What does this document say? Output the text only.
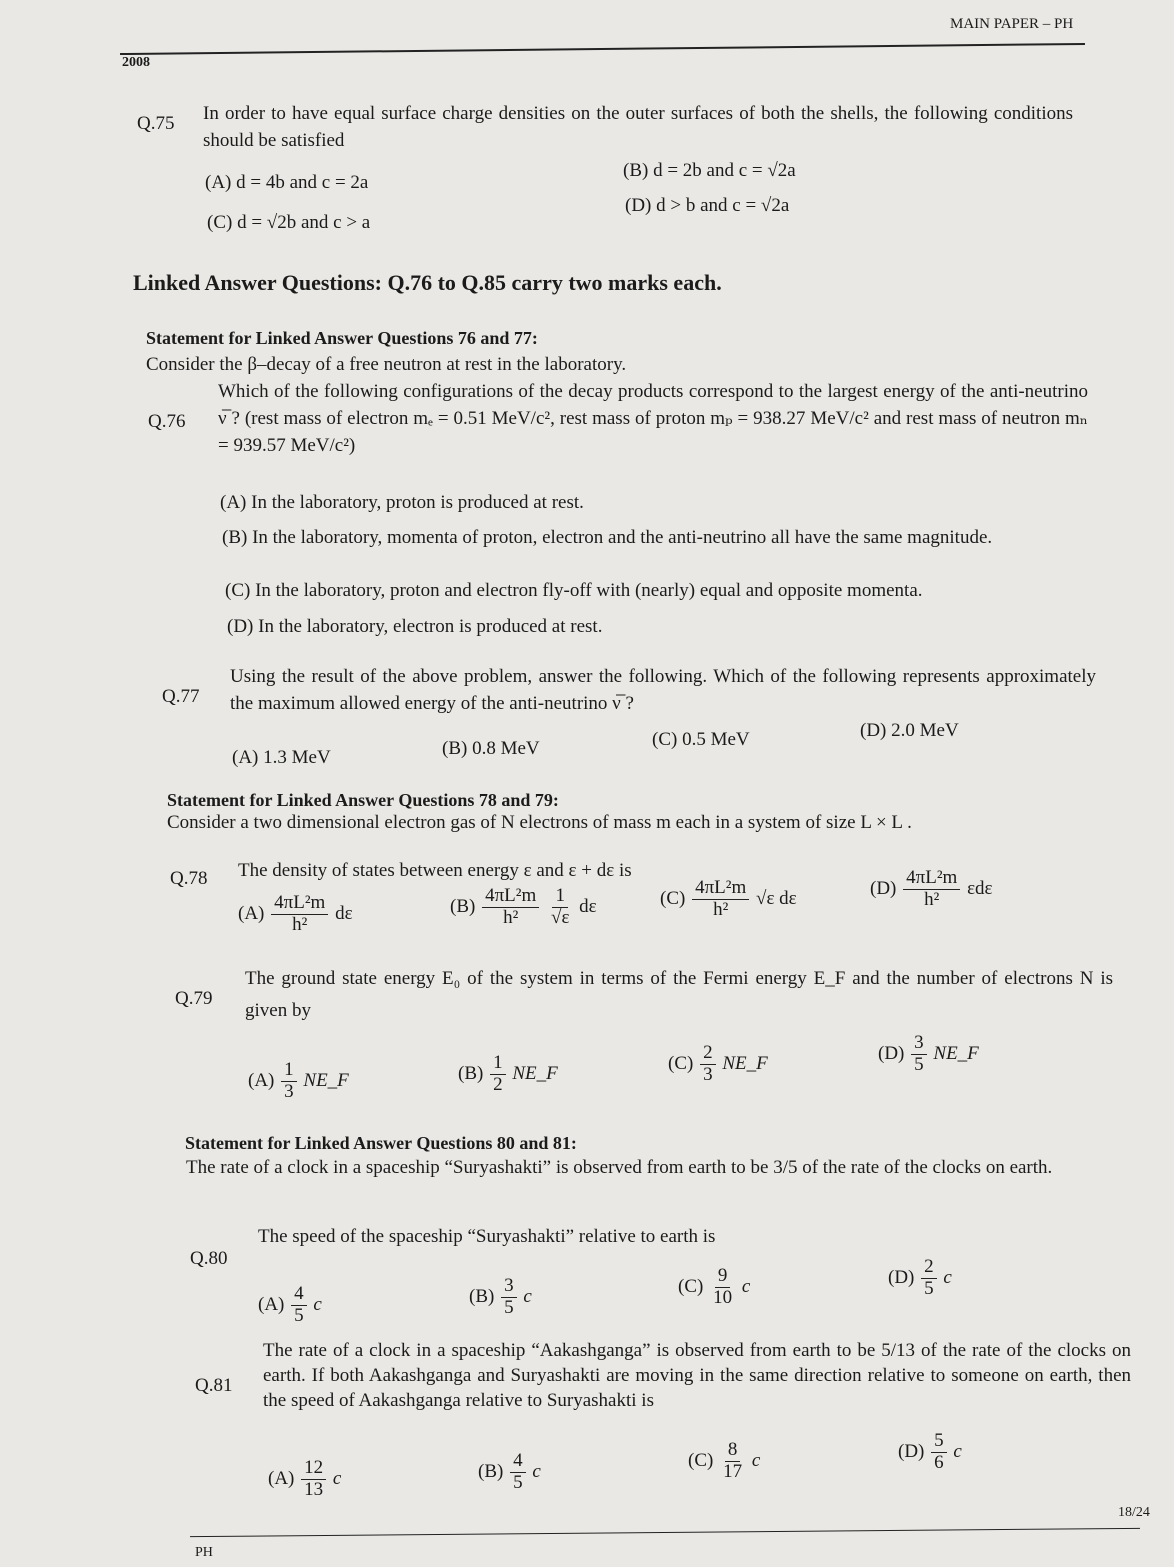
MAIN PAPER – PH
2008
Q.75 In order to have equal surface charge densities on the outer surfaces of both the shells, the following conditions should be satisfied
(A) d = 4b and c = 2a
(B) d = 2b and c = √2a
(C) d = √2b and c > a
(D) d > b and c = √2a
Linked Answer Questions: Q.76 to Q.85 carry two marks each.
Statement for Linked Answer Questions 76 and 77:
Consider the β–decay of a free neutron at rest in the laboratory.
Q.76
Which of the following configurations of the decay products correspond to the largest energy of the anti-neutrino ν̅ ? (rest mass of electron mₑ = 0.51 MeV/c², rest mass of proton mₚ = 938.27 MeV/c² and rest mass of neutron mₙ = 939.57 MeV/c²)
(A) In the laboratory, proton is produced at rest.
(B) In the laboratory, momenta of proton, electron and the anti-neutrino all have the same magnitude.
(C) In the laboratory, proton and electron fly-off with (nearly) equal and opposite momenta.
(D) In the laboratory, electron is produced at rest.
Q.77
Using the result of the above problem, answer the following. Which of the following represents approximately the maximum allowed energy of the anti-neutrino ν̅ ?
(A) 1.3 MeV	(B) 0.8 MeV	(C) 0.5 MeV	(D) 2.0 MeV
Statement for Linked Answer Questions 78 and 79:
Consider a two dimensional electron gas of N electrons of mass m each in a system of size L × L .
Q.78 The density of states between energy ε and ε + dε is
$(A) \frac{\text{4πL²m}}{\text{h²}}$ dε	$(B) \frac{\text{4πL²m}}{\text{h²}}$
$\frac{1}{√\varepsilon}$ dε	$(C) \frac{\text{4πL²m}}{\text{h²}} √\varepsilon$ dε	$(D) \frac{\text{4πL²m}}{\text{h²}}$ εdε
Q.79
The ground state energy E₀ of the system in terms of the Fermi energy E_F and the number of electrons N is given by
$(A) \frac{1}{3}$ NE_F	$(B) \frac{1}{2}$ NE_F	$(C) \frac{2}{3}$ NE_F	$(D) \frac{3}{5}$ NE_F
Statement for Linked Answer Questions 80 and 81:
The rate of a clock in a spaceship “Suryashakti” is observed from earth to be 3/5 of the rate of the clocks on earth.
Q.80
The speed of the spaceship “Suryashakti” relative to earth is
$(A) \frac{4}{5}$ c	$(B) \frac{3}{5}$ c	$(C) \frac{9}{10}$ c	$(D) \frac{2}{5}$ c
Q.81
The rate of a clock in a spaceship “Aakashganga” is observed from earth to be 5/13 of the rate of the clocks on earth. If both Aakashganga and Suryashakti are moving in the same direction relative to someone on earth, then the speed of Aakashganga relative to Suryashakti is
$(A) \frac{12}{13}$ c	$(B) \frac{4}{5}$ c
$(C) \frac{8}{17}$ c	$(D) \frac{5}{6}$ c
PH
18/24
